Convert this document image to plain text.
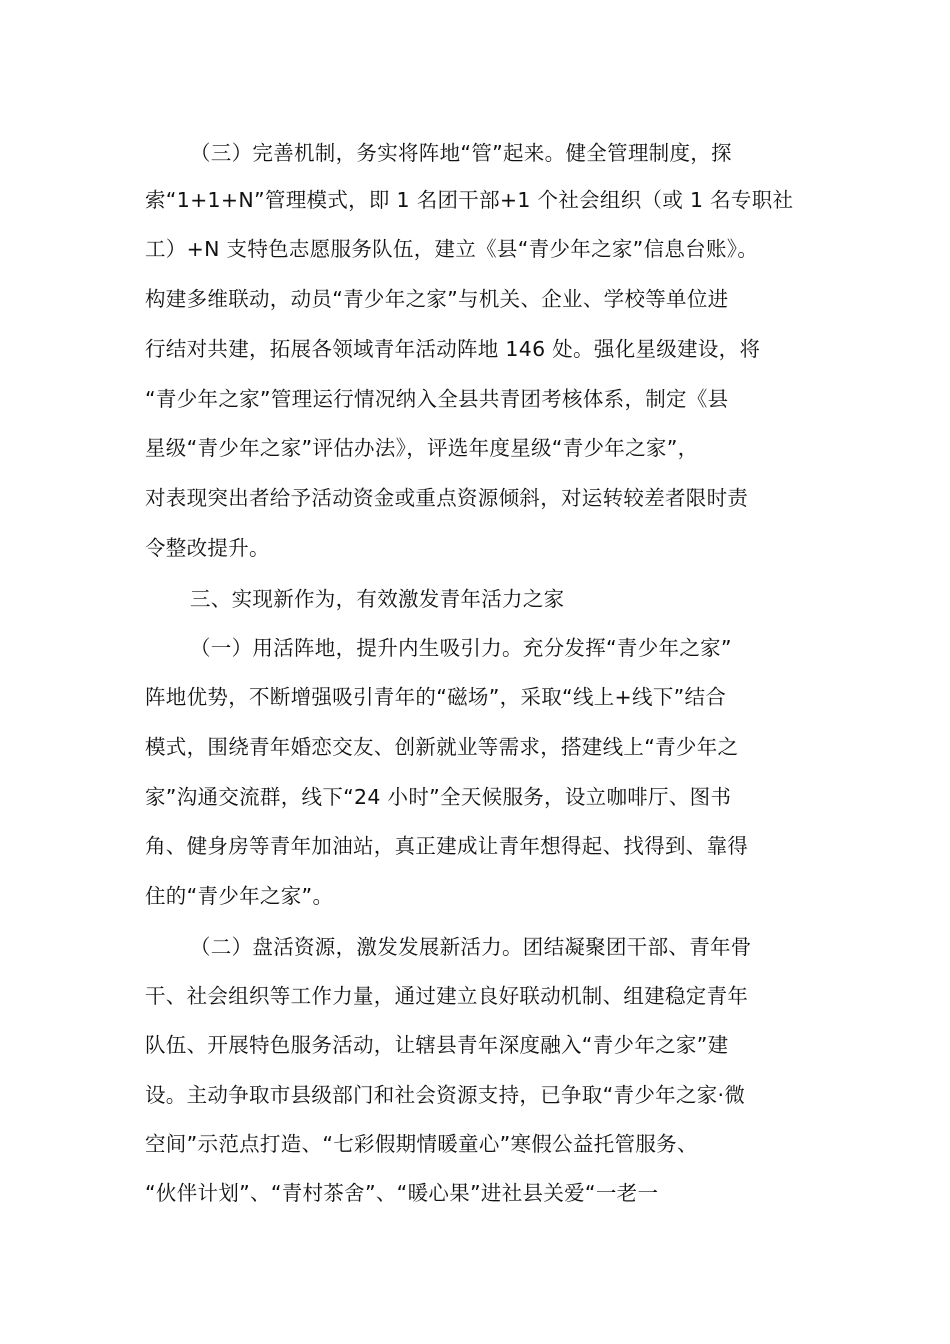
（三）完善机制，务实将阵地“管”起来。健全管理制度，探
索“1+1+N”管理模式，即 1 名团干部+1 个社会组织（或 1 名专职社
工）+N 支特色志愿服务队伍，建立《县“青少年之家”信息台账》。
构建多维联动，动员“青少年之家”与机关、企业、学校等单位进
行结对共建，拓展各领域青年活动阵地 146 处。强化星级建设，将
“青少年之家”管理运行情况纳入全县共青团考核体系，制定《县
星级“青少年之家”评估办法》，评选年度星级“青少年之家”，
对表现突出者给予活动资金或重点资源倾斜，对运转较差者限时责
令整改提升。
三、实现新作为，有效激发青年活力之家
（一）用活阵地，提升内生吸引力。充分发挥“青少年之家”
阵地优势，不断增强吸引青年的“磁场”，采取“线上+线下”结合
模式，围绕青年婚恋交友、创新就业等需求，搭建线上“青少年之
家”沟通交流群，线下“24 小时”全天候服务，设立咖啡厅、图书
角、健身房等青年加油站，真正建成让青年想得起、找得到、靠得
住的“青少年之家”。
（二）盘活资源，激发发展新活力。团结凝聚团干部、青年骨
干、社会组织等工作力量，通过建立良好联动机制、组建稳定青年
队伍、开展特色服务活动，让辖县青年深度融入“青少年之家”建
设。主动争取市县级部门和社会资源支持，已争取“青少年之家·微
空间”示范点打造、“七彩假期情暖童心”寒假公益托管服务、
“伙伴计划”、“青村茶舍”、“暖心果”进社县关爱“一老一
